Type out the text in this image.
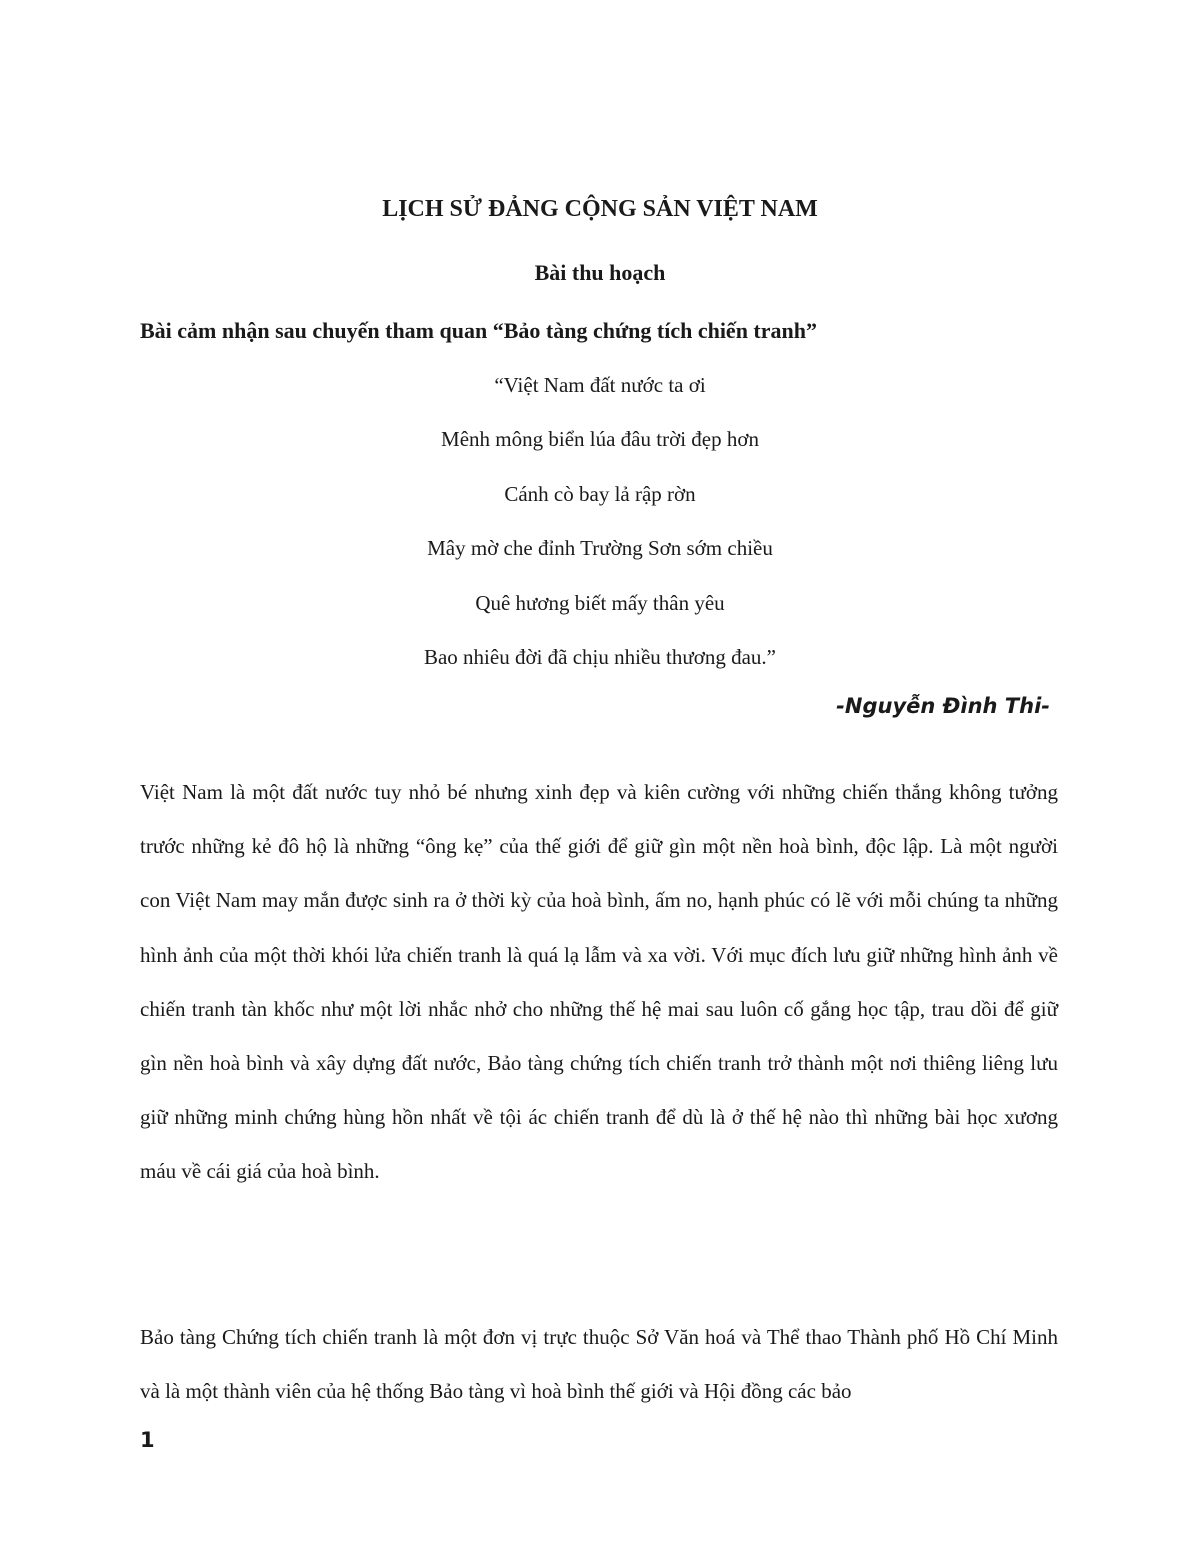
LỊCH SỬ ĐẢNG CỘNG SẢN VIỆT NAM
Bài thu hoạch
Bài cảm nhận sau chuyến tham quan “Bảo tàng chứng tích chiến tranh”
“Việt Nam đất nước ta ơi
Mênh mông biển lúa đâu trời đẹp hơn
Cánh cò bay lả rập rờn
Mây mờ che đỉnh Trường Sơn sớm chiều
Quê hương biết mấy thân yêu
Bao nhiêu đời đã chịu nhiều thương đau.”
-Nguyễn Đình Thi-

Việt Nam là một đất nước tuy nhỏ bé nhưng xinh đẹp và kiên cường với những chiến thắng không tưởng trước những kẻ đô hộ là những “ông kẹ” của thế giới để giữ gìn một nền hoà bình, độc lập. Là một người con Việt Nam may mắn được sinh ra ở thời kỳ của hoà bình, ấm no, hạnh phúc có lẽ với mỗi chúng ta những hình ảnh của một thời khói lửa chiến tranh là quá lạ lẫm và xa vời. Với mục đích lưu giữ những hình ảnh về chiến tranh tàn khốc như một lời nhắc nhở cho những thế hệ mai sau luôn cố gắng học tập, trau dồi để giữ gìn nền hoà bình và xây dựng đất nước, Bảo tàng chứng tích chiến tranh trở thành một nơi thiêng liêng lưu giữ những minh chứng hùng hồn nhất về tội ác chiến tranh để dù là ở thế hệ nào thì những bài học xương máu về cái giá của hoà bình.

Bảo tàng Chứng tích chiến tranh là một đơn vị trực thuộc Sở Văn hoá và Thể thao Thành phố Hồ Chí Minh và là một thành viên của hệ thống Bảo tàng vì hoà bình thế giới và Hội đồng các bảo

1
